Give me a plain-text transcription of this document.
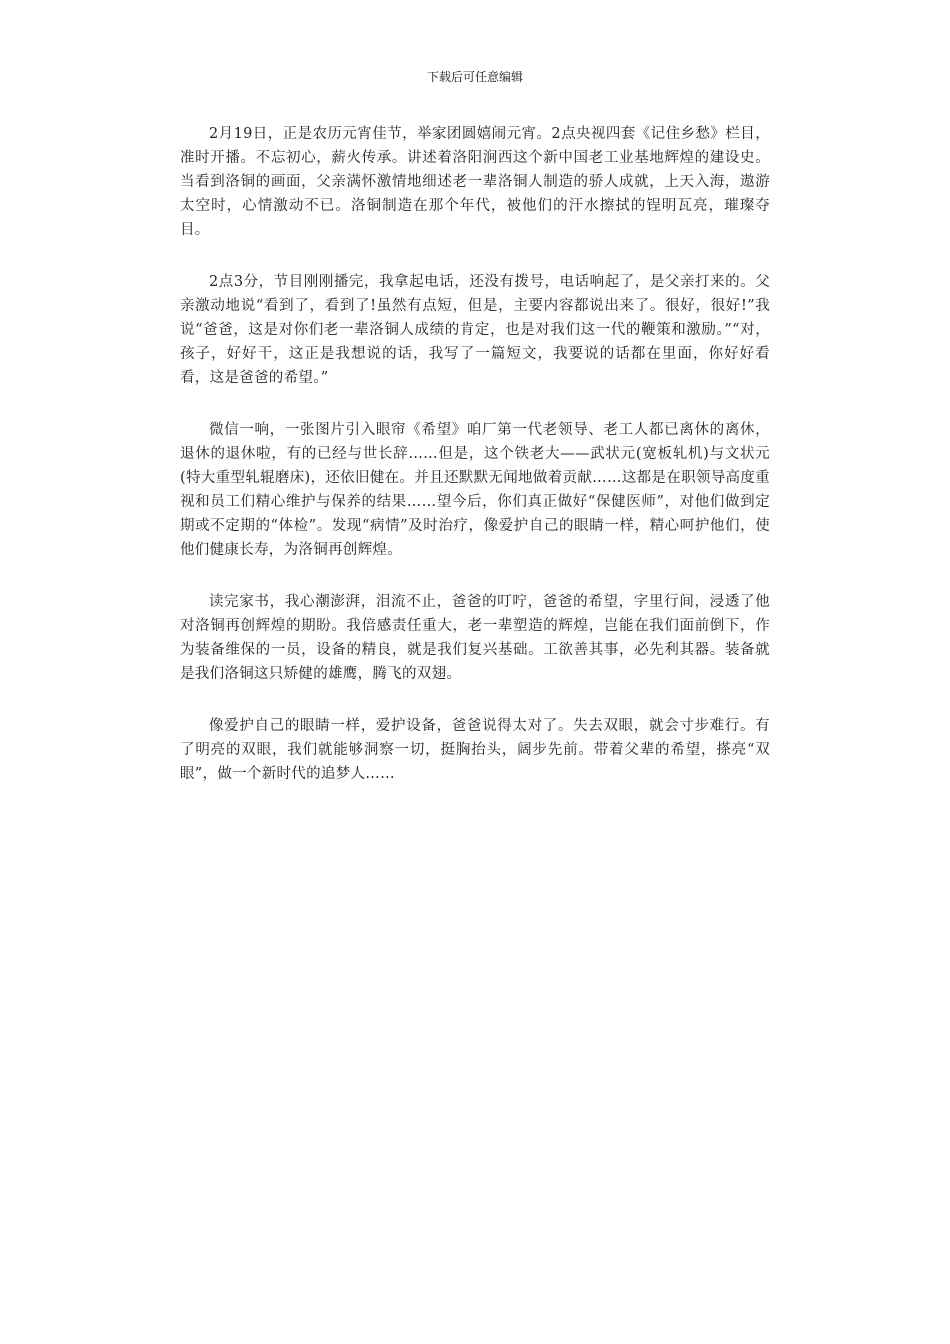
下载后可任意编辑

2月19日，正是农历元宵佳节，举家团圆嬉闹元宵。2点央视四套《记住乡愁》栏目，准时开播。不忘初心，薪火传承。讲述着洛阳涧西这个新中国老工业基地辉煌的建设史。当看到洛铜的画面，父亲满怀激情地细述老一辈洛铜人制造的骄人成就，上天入海，遨游太空时，心情激动不已。洛铜制造在那个年代，被他们的汗水擦拭的锃明瓦亮，璀璨夺目。

2点3分，节目刚刚播完，我拿起电话，还没有拨号，电话响起了，是父亲打来的。父亲激动地说“看到了，看到了!虽然有点短，但是，主要内容都说出来了。很好，很好!”我说“爸爸，这是对你们老一辈洛铜人成绩的肯定，也是对我们这一代的鞭策和激励。”“对，孩子，好好干，这正是我想说的话，我写了一篇短文，我要说的话都在里面，你好好看看，这是爸爸的希望。”

微信一响，一张图片引入眼帘《希望》咱厂第一代老领导、老工人都已离休的离休，退休的退休啦，有的已经与世长辞……但是，这个铁老大——武状元(宽板轧机)与文状元(特大重型轧辊磨床)，还依旧健在。并且还默默无闻地做着贡献……这都是在职领导高度重视和员工们精心维护与保养的结果……望今后，你们真正做好“保健医师”，对他们做到定期或不定期的“体检”。发现“病情”及时治疗，像爱护自己的眼睛一样，精心呵护他们，使他们健康长寿，为洛铜再创辉煌。

读完家书，我心潮澎湃，泪流不止，爸爸的叮咛，爸爸的希望，字里行间，浸透了他对洛铜再创辉煌的期盼。我倍感责任重大，老一辈塑造的辉煌，岂能在我们面前倒下，作为装备维保的一员，设备的精良，就是我们复兴基础。工欲善其事，必先利其器。装备就是我们洛铜这只矫健的雄鹰，腾飞的双翅。

像爱护自己的眼睛一样，爱护设备，爸爸说得太对了。失去双眼，就会寸步难行。有了明亮的双眼，我们就能够洞察一切，挺胸抬头，阔步先前。带着父辈的希望，搽亮“双眼”，做一个新时代的追梦人……
